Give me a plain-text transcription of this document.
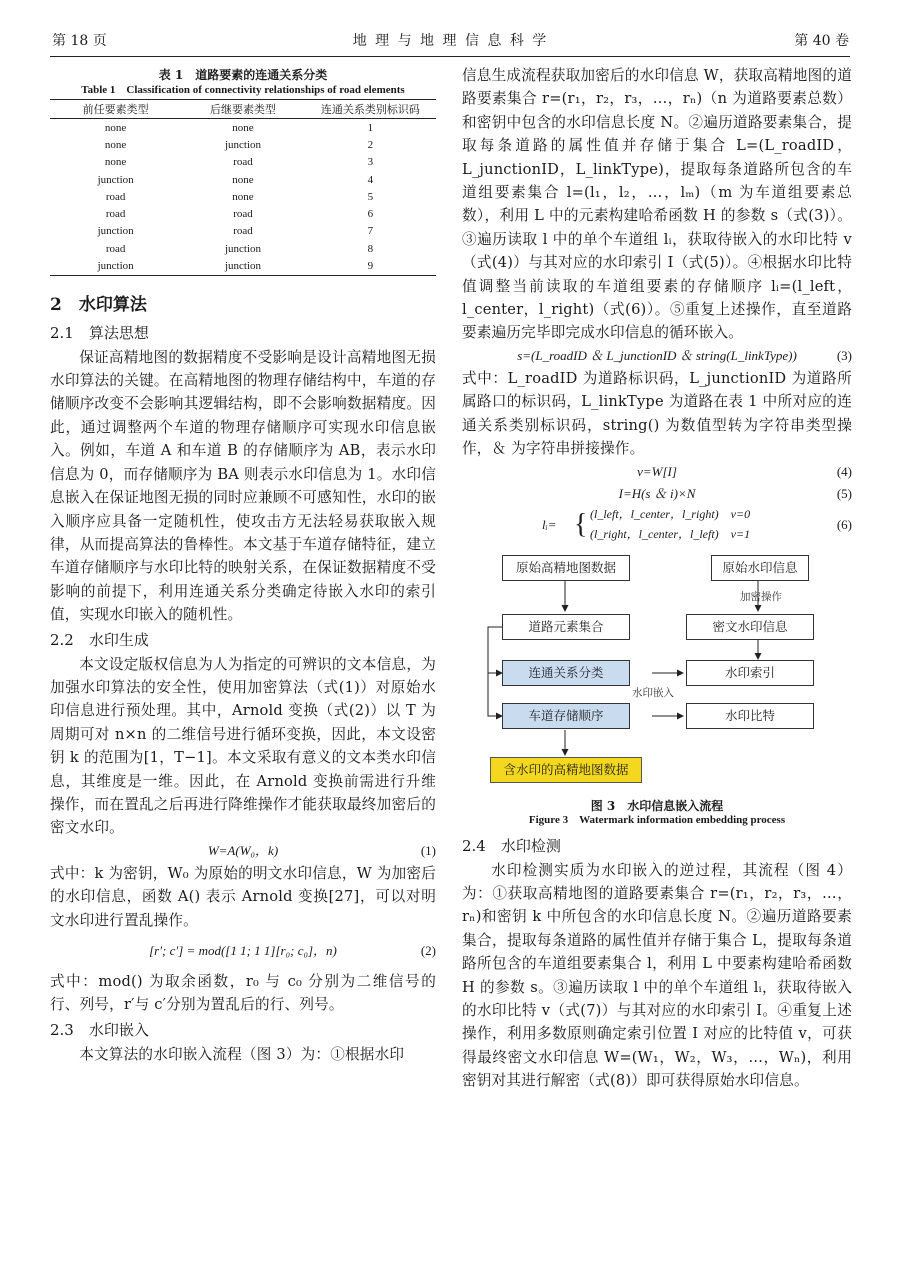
第 18 页	地 理 与 地 理 信 息 科 学	第 40 卷
表 1　道路要素的连通关系分类
Table 1　Classification of connectivity relationships of road elements
前任要素类型	后继要素类型	连通关系类别标识码
none	none	1
none	junction	2
none	road	3
junction	none	4
road	none	5
road	road	6
junction	road	7
road	junction	8
junction	junction	9
2　水印算法
2.1　算法思想
保证高精地图的数据精度不受影响是设计高精地图无损水印算法的关键。在高精地图的物理存储结构中，车道的存储顺序改变不会影响其逻辑结构，即不会影响数据精度。因此，通过调整两个车道的物理存储顺序可实现水印信息嵌入。例如，车道 A 和车道 B 的存储顺序为 AB，表示水印信息为 0，而存储顺序为 BA 则表示水印信息为 1。水印信息嵌入在保证地图无损的同时应兼顾不可感知性，水印的嵌入顺序应具备一定随机性，使攻击方无法轻易获取嵌入规律，从而提高算法的鲁棒性。本文基于车道存储特征，建立车道存储顺序与水印比特的映射关系，在保证数据精度不受影响的前提下，利用连通关系分类确定待嵌入水印的索引值，实现水印嵌入的随机性。
2.2　水印生成
本文设定版权信息为人为指定的可辨识的文本信息，为加强水印算法的安全性，使用加密算法（式(1)）对原始水印信息进行预处理。其中，Arnold 变换（式(2)）以 T 为周期可对 n×n 的二维信号进行循环变换，因此，本文设密钥 k 的范围为[1，T−1]。本文采取有意义的文本类水印信息，其维度是一维。因此，在 Arnold 变换前需进行升维操作，而在置乱之后再进行降维操作才能获取最终加密后的密文水印。
W=A(W₀，k)	(1)
式中：k 为密钥，W₀ 为原始的明文水印信息，W 为加密后的水印信息，函数 A() 表示 Arnold 变换[27]，可以对明文水印进行置乱操作。
[r′; c′] = mod([1 1; 1 1][r₀; c₀]，n)	(2)
式中：mod() 为取余函数，r₀ 与 c₀ 分别为二维信号的行、列号，r′与 c′分别为置乱后的行、列号。
2.3　水印嵌入
本文算法的水印嵌入流程（图 3）为：①根据水印
信息生成流程获取加密后的水印信息 W，获取高精地图的道路要素集合 r=(r₁，r₂，r₃，…，rₙ)（n 为道路要素总数）和密钥中包含的水印信息长度 N。②遍历道路要素集合，提取每条道路的属性值并存储于集合 L=(L_roadID，L_junctionID，L_linkType)，提取每条道路所包含的车道组要素集合 l=(l₁，l₂，…，lₘ)（m 为车道组要素总数），利用 L 中的元素构建哈希函数 H 的参数 s（式(3)）。③遍历读取 l 中的单个车道组 lᵢ，获取待嵌入的水印比特 v（式(4)）与其对应的水印索引 I（式(5)）。④根据水印比特值调整当前读取的车道组要素的存储顺序 lᵢ=(l_left，l_center，l_right)（式(6)）。⑤重复上述操作，直至道路要素遍历完毕即完成水印信息的循环嵌入。
s=(L_roadID ＆ L_junctionID ＆ string(L_linkType))	(3)
式中：L_roadID 为道路标识码，L_junctionID 为道路所属路口的标识码，L_linkType 为道路在表 1 中所对应的连通关系类别标识码，string() 为数值型转为字符串类型操作，＆ 为字符串拼接操作。
v=W[I]	(4)
I=H(s ＆ i)×N	(5)
lᵢ= { (l_left，l_center，l_right)　v=0
(l_right，l_center，l_left)　v=1
(6)
原始高精地图数据	原始水印信息
加密操作
道路元素集合	密文水印信息
连通关系分类	水印索引
水印嵌入
车道存储顺序	水印比特
含水印的高精地图数据
图 3　水印信息嵌入流程
Figure 3　Watermark information embedding process
2.4　水印检测
水印检测实质为水印嵌入的逆过程，其流程（图 4）为：①获取高精地图的道路要素集合 r=(r₁，r₂，r₃，…，rₙ)和密钥 k 中所包含的水印信息长度 N。②遍历道路要素集合，提取每条道路的属性值并存储于集合 L，提取每条道路所包含的车道组要素集合 l，利用 L 中要素构建哈希函数 H 的参数 s。③遍历读取 l 中的单个车道组 lᵢ，获取待嵌入的水印比特 v（式(7)）与其对应的水印索引 I。④重复上述操作，利用多数原则确定索引位置 I 对应的比特值 v，可获得最终密文水印信息 W=(W₁，W₂，W₃，…，Wₙ)，利用密钥对其进行解密（式(8)）即可获得原始水印信息。
